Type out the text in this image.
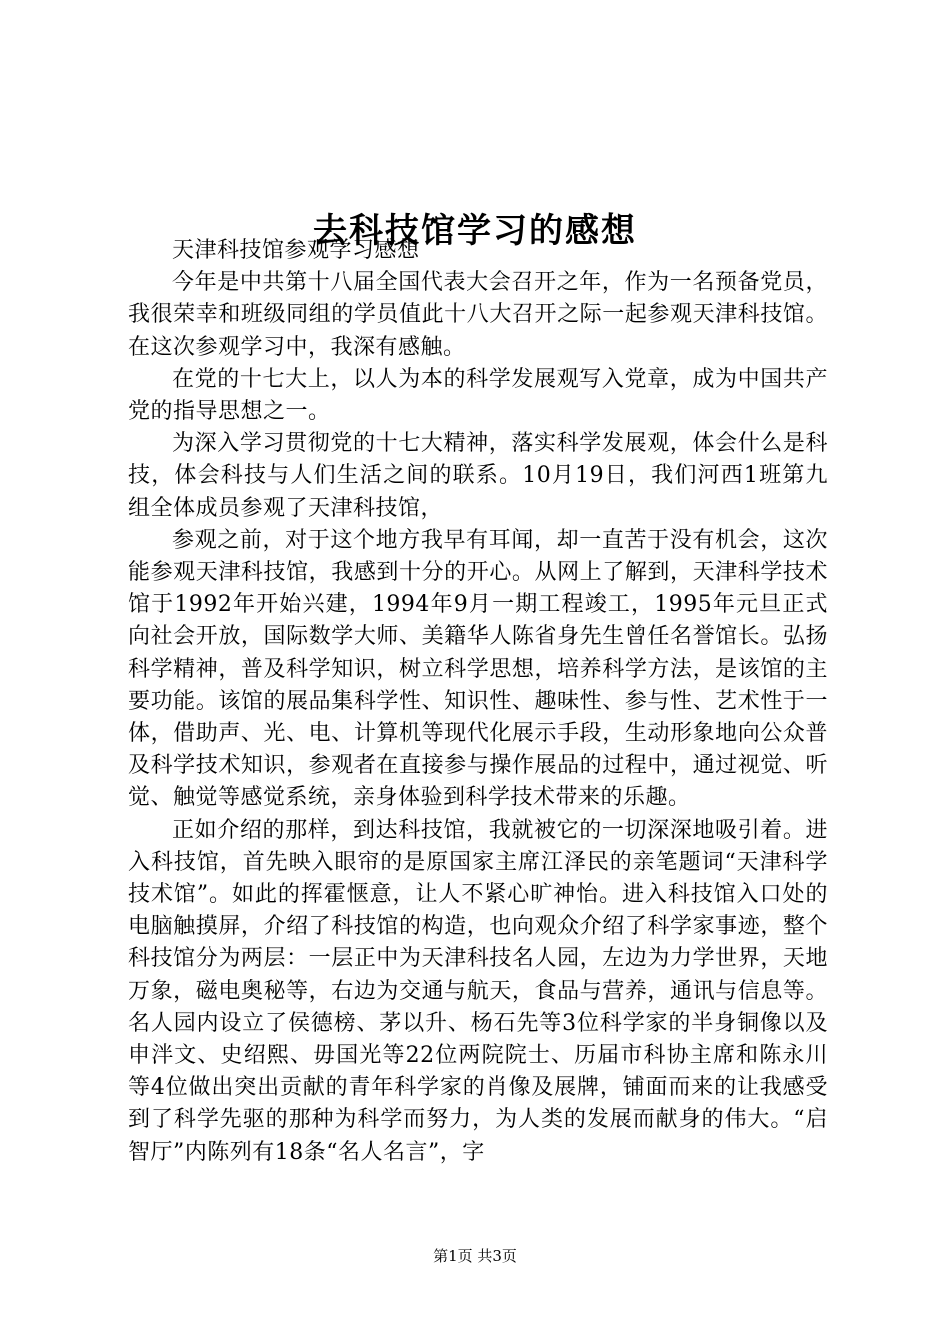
去科技馆学习的感想

天津科技馆参观学习感想

今年是中共第十八届全国代表大会召开之年，作为一名预备党员，我很荣幸和班级同组的学员值此十八大召开之际一起参观天津科技馆。在这次参观学习中，我深有感触。

在党的十七大上，以人为本的科学发展观写入党章，成为中国共产党的指导思想之一。

为深入学习贯彻党的十七大精神，落实科学发展观，体会什么是科技，体会科技与人们生活之间的联系。10月19日，我们河西1班第九组全体成员参观了天津科技馆，

参观之前，对于这个地方我早有耳闻，却一直苦于没有机会，这次能参观天津科技馆，我感到十分的开心。从网上了解到，天津科学技术馆于1992年开始兴建，1994年9月一期工程竣工，1995年元旦正式向社会开放，国际数学大师、美籍华人陈省身先生曾任名誉馆长。弘扬科学精神，普及科学知识，树立科学思想，培养科学方法，是该馆的主要功能。该馆的展品集科学性、知识性、趣味性、参与性、艺术性于一体，借助声、光、电、计算机等现代化展示手段，生动形象地向公众普及科学技术知识，参观者在直接参与操作展品的过程中，通过视觉、听觉、触觉等感觉系统，亲身体验到科学技术带来的乐趣。

正如介绍的那样，到达科技馆，我就被它的一切深深地吸引着。进入科技馆，首先映入眼帘的是原国家主席江泽民的亲笔题词“天津科学技术馆”。如此的挥霍惬意，让人不紧心旷神怡。进入科技馆入口处的电脑触摸屏，介绍了科技馆的构造，也向观众介绍了科学家事迹，整个科技馆分为两层：一层正中为天津科技名人园，左边为力学世界，天地万象，磁电奥秘等，右边为交通与航天，食品与营养，通讯与信息等。名人园内设立了侯德榜、茅以升、杨石先等3位科学家的半身铜像以及申泮文、史绍熙、毋国光等22位两院院士、历届市科协主席和陈永川等4位做出突出贡献的青年科学家的肖像及展牌，铺面而来的让我感受到了科学先驱的那种为科学而努力，为人类的发展而献身的伟大。“启智厅”内陈列有18条“名人名言”，字

第1页 共3页
